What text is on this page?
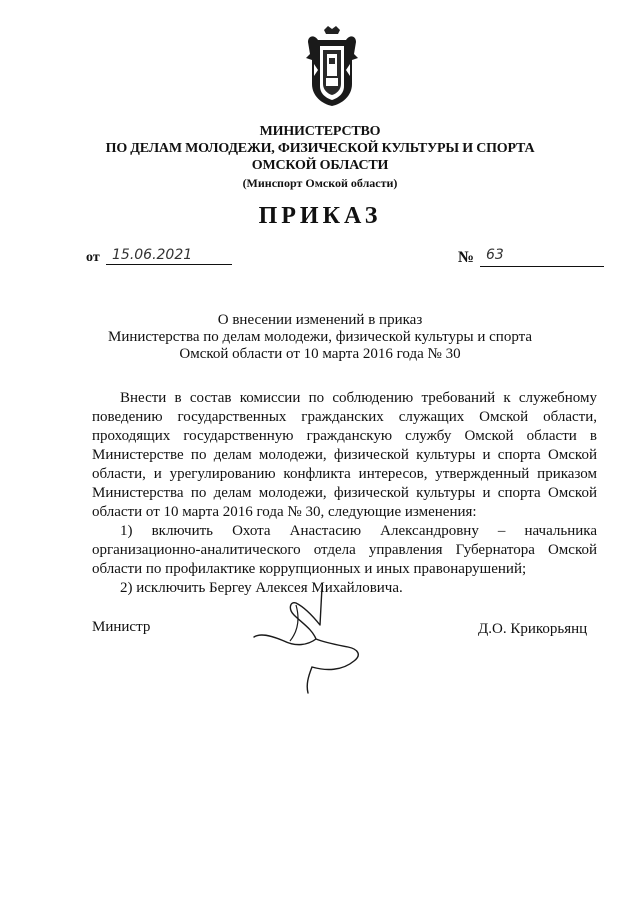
МИНИСТЕРСТВО
ПО ДЕЛАМ МОЛОДЕЖИ, ФИЗИЧЕСКОЙ КУЛЬТУРЫ И СПОРТА
ОМСКОЙ ОБЛАСТИ
(Минспорт Омской области)
ПРИКАЗ
от 15.06.2021	№ 63
О внесении изменений в приказ
Министерства по делам молодежи, физической культуры и спорта
Омской области от 10 марта 2016 года № 30
Внести в состав комиссии по соблюдению требований к служебному
поведению государственных гражданских служащих Омской области,
проходящих государственную гражданскую службу Омской области в
Министерстве по делам молодежи, физической культуры и спорта Омской
области, и урегулированию конфликта интересов, утвержденный приказом
Министерства по делам молодежи, физической культуры и спорта Омской
области от 10 марта 2016 года № 30, следующие изменения:
1) включить Охота Анастасию Александровну – начальника
организационно-аналитического отдела управления Губернатора Омской
области по профилактике коррупционных и иных правонарушений;
2) исключить Бергеу Алексея Михайловича.
Министр	Д.О. Крикорьянц
